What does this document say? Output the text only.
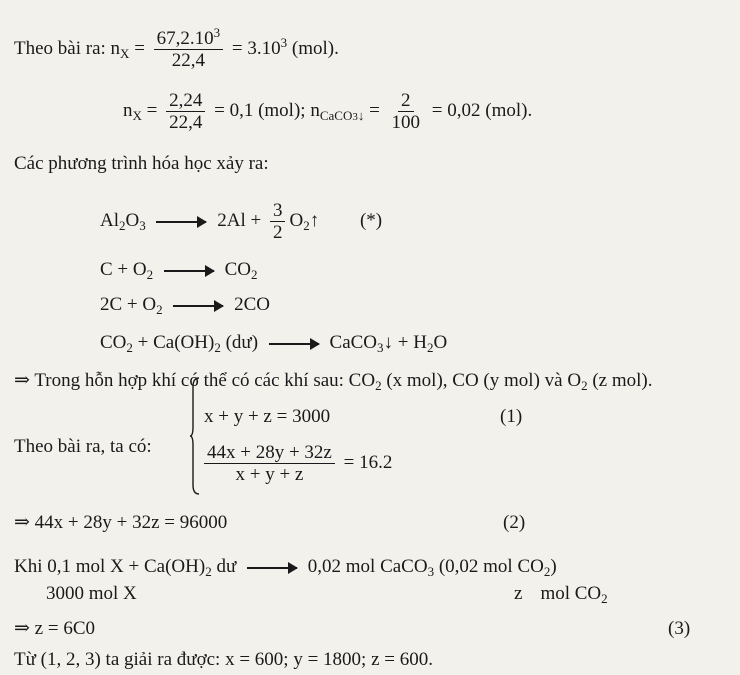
Theo bài ra: $n_X = \frac{67,2.10^3}{22,4} = 3.10^3$ (mol).
$n_X = \frac{2,24}{22,4} = 0,1$ (mol); $n_{CaCO3↓} = \frac{2}{100} = 0,02$ (mol).
Các phương trình hóa học xảy ra:
$Al_2O_3$	$2Al + \frac{3}{2}$ $O_2↑$ (*)
$C + O_2$	$CO_2$
$2C + O_2$	2CO
$CO_2 + Ca(OH)_2$ (dư)	CaCO$_3$↓ + $H_2O$
⇒ Trong hỗn hợp khí có thể có các khí sau: $CO_2$ (x mol), CO (y mol) và $O_2$ (z mol).
Theo bài ra, ta có:
x + y + z = 3000	(1)
$\frac{44x + 28y + 32z}{x + y + z} = 16.2$
⇒ 44x + 28y + 32z = 96000	(2)
Khi 0,1 mol $X + Ca(OH)_2$ dư	0,02 mol CaCO$_3$ (0,02 mol $CO_2$)
3000 mol X	z mol $CO_2$
⇒ z = 6C0	(3)
Từ (1, 2, 3) ta giải ra được: x = 600; y = 1800; z = 600.
